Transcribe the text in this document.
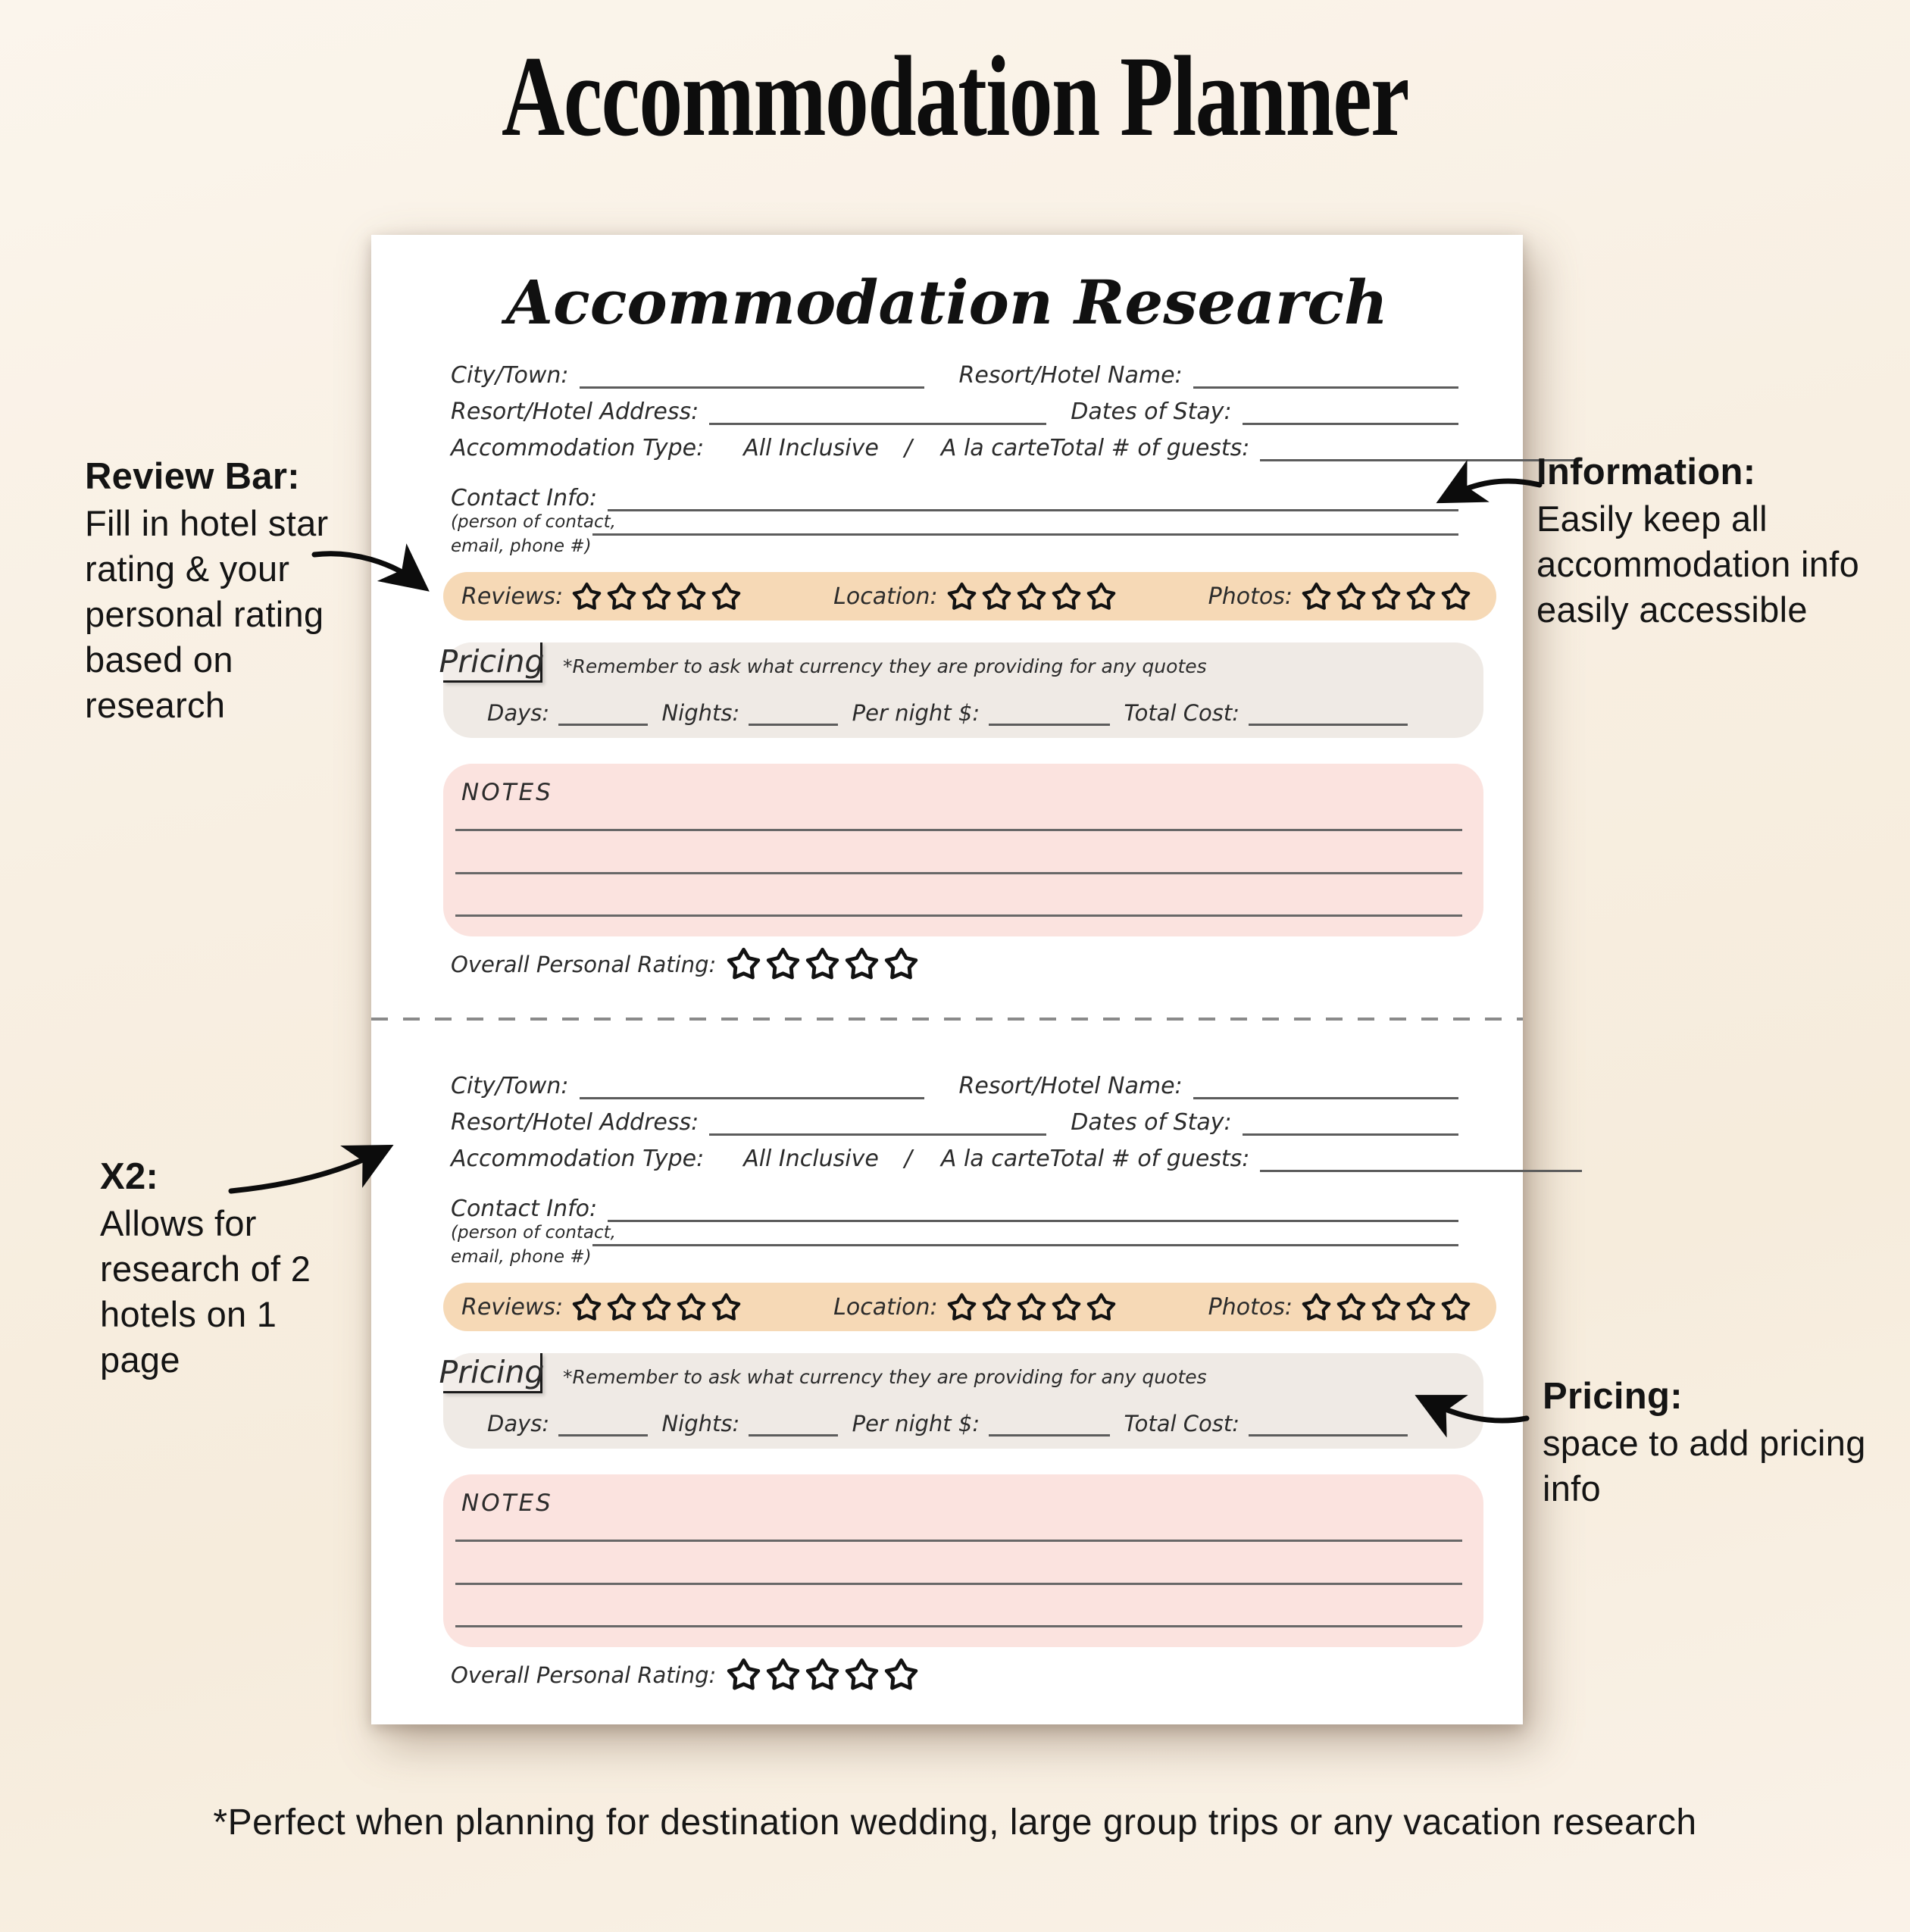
Accommodation Planner
Accommodation Research
City/Town:	Resort/Hotel Name:
Resort/Hotel Address:	Dates of Stay:
Accommodation Type:	All Inclusive / A la carte Total # of guests:
Contact Info:
(person of contact,
email, phone #)
Reviews:	Location:	Photos:
Pricing *Remember to ask what currency they are providing for any quotes
Days:	Nights:	Per night $:	Total Cost:
NOTES
Overall Personal Rating:
City/Town:	Resort/Hotel Name:
Resort/Hotel Address:	Dates of Stay:
Accommodation Type:	All Inclusive / A la carte Total # of guests:
Contact Info:
(person of contact,
email, phone #)
Reviews:	Location:	Photos:
Pricing *Remember to ask what currency they are providing for any quotes
Days:	Nights:	Per night $:	Total Cost:
NOTES
Overall Personal Rating:
Review Bar:

Fill in hotel star rating & your personal rating based on research

Information:

Easily keep all accommodation info easily accessible

X2:

Allows for research of 2 hotels on 1 page

Pricing:

space to add pricing info

*Perfect when planning for destination wedding, large group trips or any vacation research
